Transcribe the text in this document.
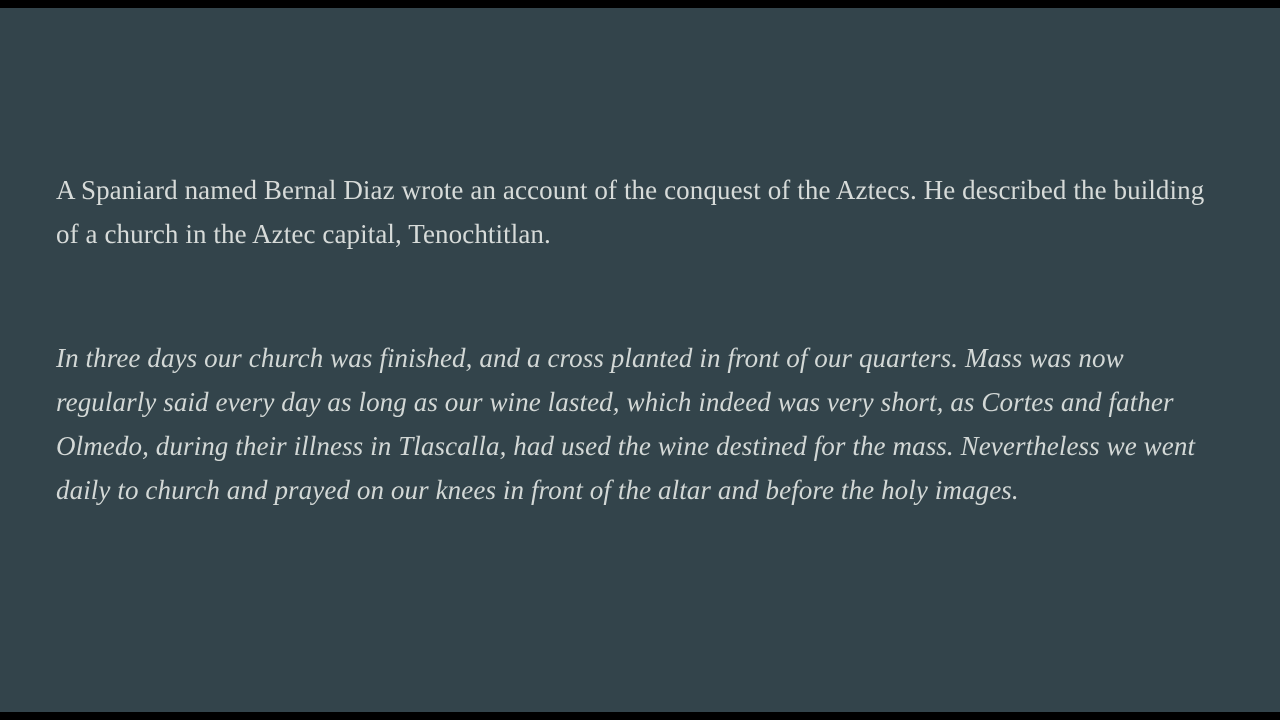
A Spaniard named Bernal Diaz wrote an account of the conquest of the Aztecs. He described the building of a church in the Aztec capital, Tenochtitlan.

In three days our church was finished, and a cross planted in front of our quarters. Mass was now regularly said every day as long as our wine lasted, which indeed was very short, as Cortes and father Olmedo, during their illness in Tlascalla, had used the wine destined for the mass. Nevertheless we went daily to church and prayed on our knees in front of the altar and before the holy images.
